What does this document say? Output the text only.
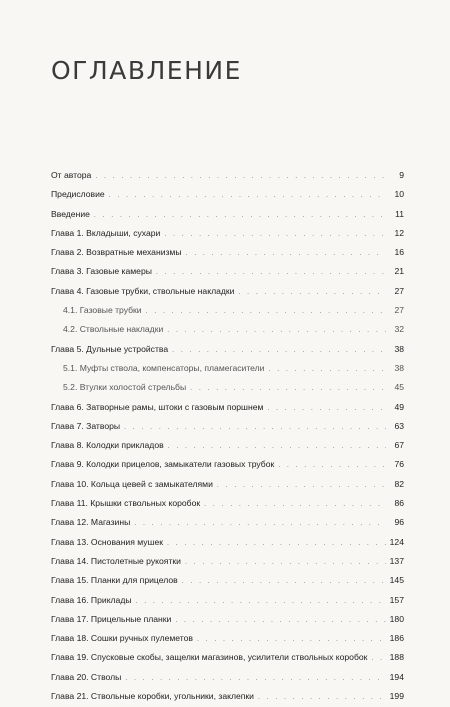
ОГЛАВЛЕНИЕ
От автора . . .	9
Предисловие . . .	10
Введение . . .	11
Глава 1. Вкладыши, сухари . . .	12
Глава 2. Возвратные механизмы . . .	16
Глава 3. Газовые камеры . . .	21
Глава 4. Газовые трубки, ствольные накладки . . .	27
4.1. Газовые трубки . . .	27
4.2. Ствольные накладки . . .	32
Глава 5. Дульные устройства . . .	38
5.1. Муфты ствола, компенсаторы, пламегасители . . .	38
5.2. Втулки холостой стрельбы . . .	45
Глава 6. Затворные рамы, штоки с газовым поршнем . . .	49
Глава 7. Затворы . . .	63
Глава 8. Колодки прикладов . . .	67
Глава 9. Колодки прицелов, замыкатели газовых трубок . . .	76
Глава 10. Кольца цевей с замыкателями . . .	82
Глава 11. Крышки ствольных коробок . . .	86
Глава 12. Магазины . . .	96
Глава 13. Основания мушек . . .	124
Глава 14. Пистолетные рукоятки . . .	137
Глава 15. Планки для прицелов . . .	145
Глава 16. Приклады . . .	157
Глава 17. Прицельные планки . . .	180
Глава 18. Сошки ручных пулеметов . . .	186
Глава 19. Спусковые скобы, защелки магазинов, усилители ствольных коробок . . .	188
Глава 20. Стволы . . .	194
Глава 21. Ствольные коробки, угольники, заклепки . . .	199
